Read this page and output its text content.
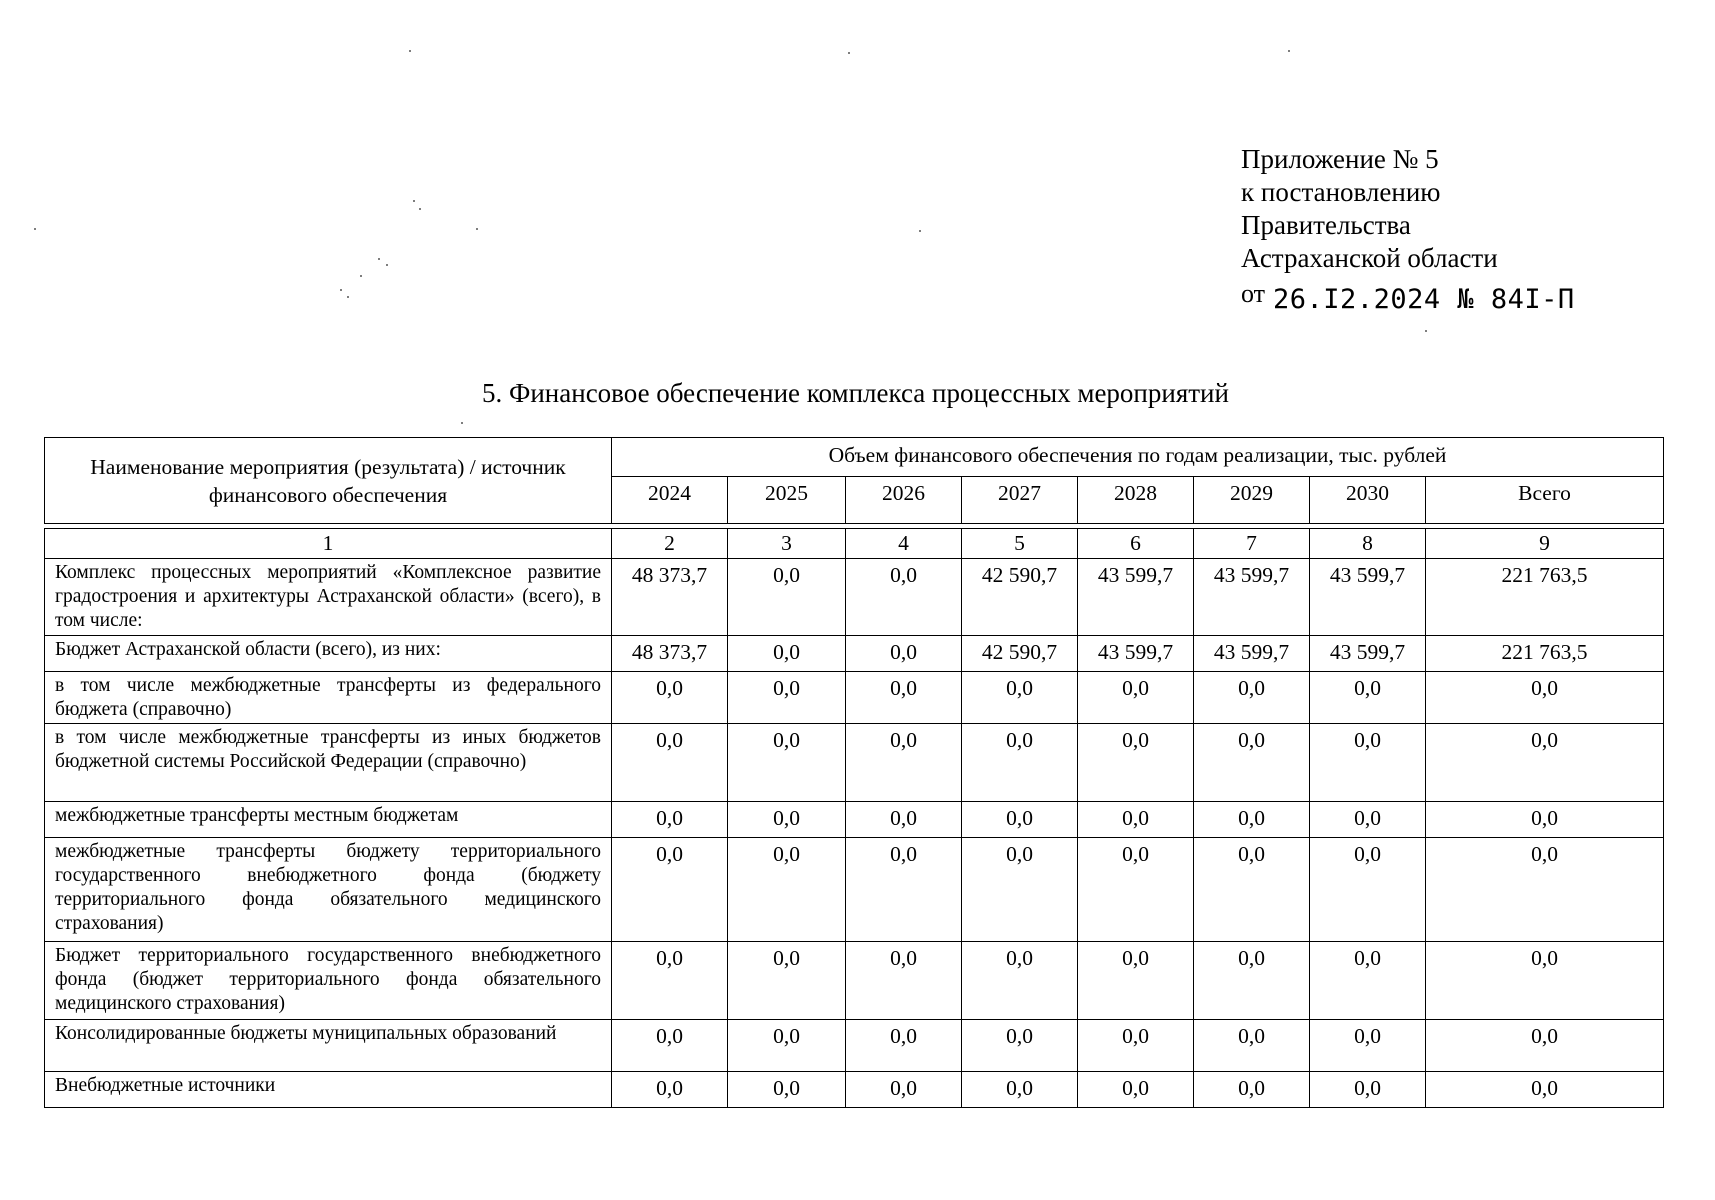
Приложение № 5
к постановлению
Правительства
Астраханской области
от 26.I2.2024 № 84I-П
5. Финансовое обеспечение комплекса процессных мероприятий
Наименование мероприятия (результата) / источник финансового обеспечения	Объем финансового обеспечения по годам реализации, тыс. рублей							
	2024	2025	2026	2027	2028	2029	2030	Всего

1	2	3	4	5	6	7	8	9
Комплекс процессных мероприятий «Комплексное развитие градостроения и архитектуры Астраханской области» (всего), в том числе:	48 373,7	0,0	0,0	42 590,7	43 599,7	43 599,7	43 599,7	221 763,5
Бюджет Астраханской области (всего), из них:	48 373,7	0,0	0,0	42 590,7	43 599,7	43 599,7	43 599,7	221 763,5
в том числе межбюджетные трансферты из федерального бюджета (справочно)	0,0	0,0	0,0	0,0	0,0	0,0	0,0	0,0
в том числе межбюджетные трансферты из иных бюджетов бюджетной системы Российской Федерации (справочно)	0,0	0,0	0,0	0,0	0,0	0,0	0,0	0,0
межбюджетные трансферты местным бюджетам	0,0	0,0	0,0	0,0	0,0	0,0	0,0	0,0
межбюджетные трансферты бюджету территориального государственного внебюджетного фонда (бюджету территориального фонда обязательного медицинского страхования)	0,0	0,0	0,0	0,0	0,0	0,0	0,0	0,0
Бюджет территориального государственного внебюджетного фонда (бюджет территориального фонда обязательного медицинского страхования)	0,0	0,0	0,0	0,0	0,0	0,0	0,0	0,0
Консолидированные бюджеты муниципальных образований	0,0	0,0	0,0	0,0	0,0	0,0	0,0	0,0
Внебюджетные источники	0,0	0,0	0,0	0,0	0,0	0,0	0,0	0,0
